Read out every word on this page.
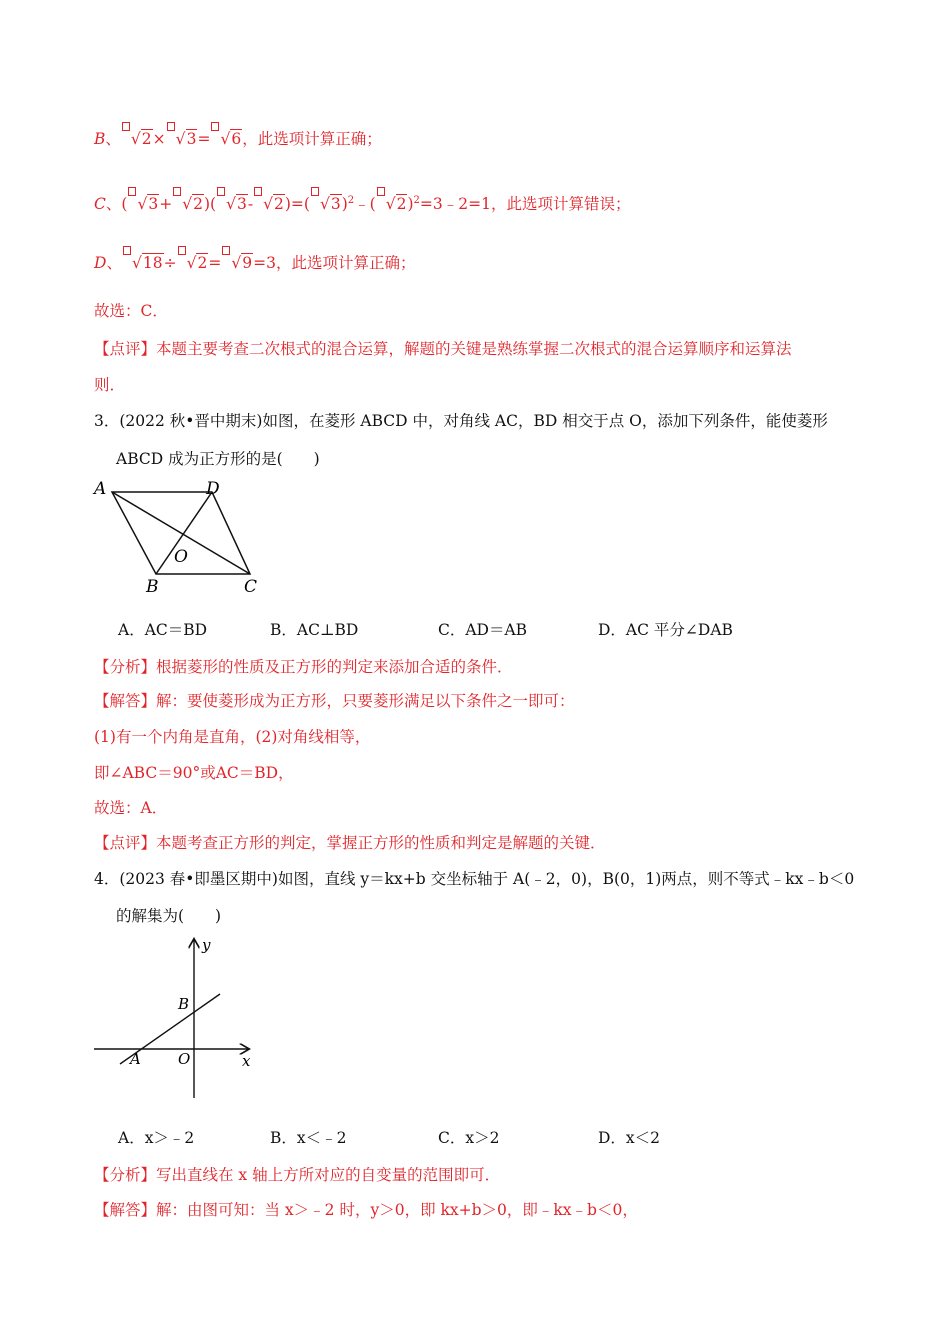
B、 √2× √3= √6，此选项计算正确；
C、( √3+ √2)( √3- √2)=( √3)$^2$﹣( √2)$^2$=3﹣2=1，此选项计算错误；
D、 √18÷ √2= √9=3，此选项计算正确；
故选：C．
【点评】本题主要考查二次根式的混合运算，解题的关键是熟练掌握二次根式的混合运算顺序和运算法
则．
3．(2022 秋•晋中期末)如图，在菱形 ABCD 中，对角线 AC，BD 相交于点 O，添加下列条件，能使菱形
ABCD 成为正方形的是(　　)
A	D
O
B	C
A．AC＝BD	B．AC⊥BD	C．AD＝AB	D．AC 平分∠DAB
【分析】根据菱形的性质及正方形的判定来添加合适的条件．
【解答】解：要使菱形成为正方形，只要菱形满足以下条件之一即可：
(1)有一个内角是直角，(2)对角线相等，
即∠ABC＝90°或AC＝BD，
故选：A．
【点评】本题考查正方形的判定，掌握正方形的性质和判定是解题的关键．
4．(2023 春•即墨区期中)如图，直线 y＝kx+b 交坐标轴于 A(﹣2，0)，B(0，1)两点，则不等式﹣kx﹣b＜0
的解集为(　　)
y
x
A O
B
A．x＞﹣2	B．x＜﹣2	C．x＞2	D．x＜2
【分析】写出直线在 x 轴上方所对应的自变量的范围即可．
【解答】解：由图可知：当 x＞﹣2 时，y＞0，即 kx+b＞0，即﹣kx﹣b＜0，
